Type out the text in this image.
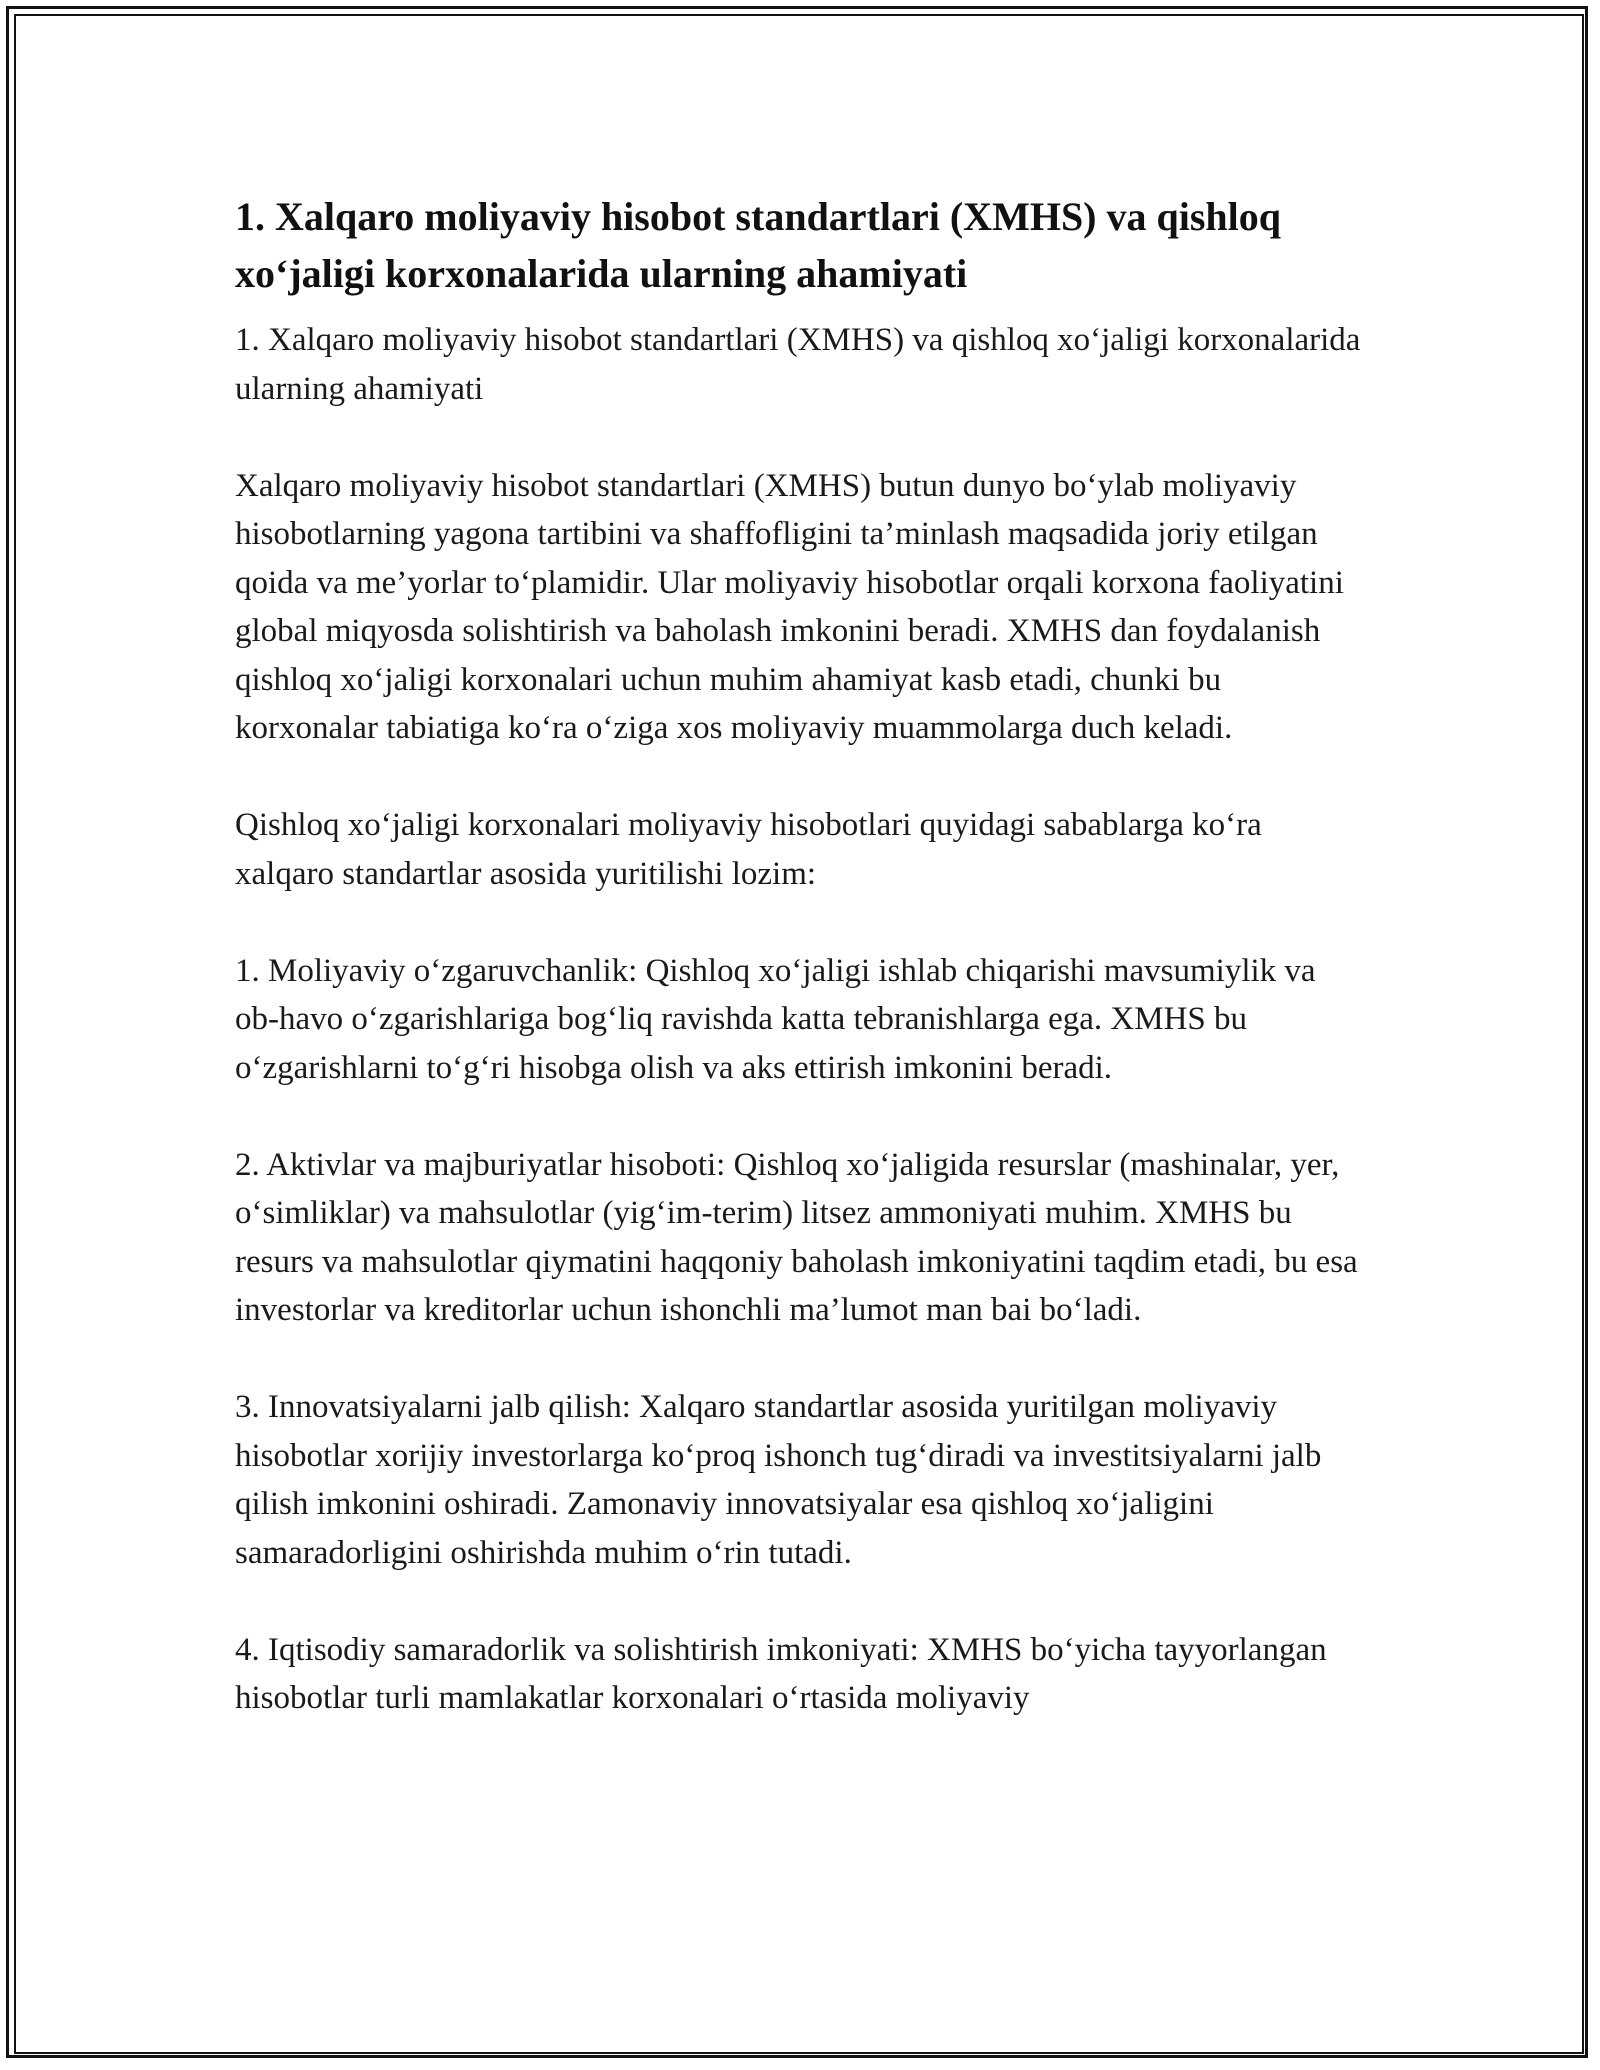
1. Xalqaro moliyaviy hisobot standartlari (XMHS) va qishloq xo‘jaligi korxonalarida ularning ahamiyati

1. Xalqaro moliyaviy hisobot standartlari (XMHS) va qishloq xo‘jaligi korxonalarida ularning ahamiyati

Xalqaro moliyaviy hisobot standartlari (XMHS) butun dunyo bo‘ylab moliyaviy hisobotlarning yagona tartibini va shaffofligini ta’minlash maqsadida joriy etilgan qoida va me’yorlar to‘plamidir. Ular moliyaviy hisobotlar orqali korxona faoliyatini global miqyosda solishtirish va baholash imkonini beradi. XMHS dan foydalanish qishloq xo‘jaligi korxonalari uchun muhim ahamiyat kasb etadi, chunki bu korxonalar tabiatiga ko‘ra o‘ziga xos moliyaviy muammolarga duch keladi.

Qishloq xo‘jaligi korxonalari moliyaviy hisobotlari quyidagi sabablarga ko‘ra xalqaro standartlar asosida yuritilishi lozim:

1. Moliyaviy o‘zgaruvchanlik: Qishloq xo‘jaligi ishlab chiqarishi mavsumiylik va ob-havo o‘zgarishlariga bog‘liq ravishda katta tebranishlarga ega. XMHS bu o‘zgarishlarni to‘g‘ri hisobga olish va aks ettirish imkonini beradi.

2. Aktivlar va majburiyatlar hisoboti: Qishloq xo‘jaligida resurslar (mashinalar, yer, o‘simliklar) va mahsulotlar (yig‘im-terim) litsez ammoniyati muhim. XMHS bu resurs va mahsulotlar qiymatini haqqoniy baholash imkoniyatini taqdim etadi, bu esa investorlar va kreditorlar uchun ishonchli ma’lumot man bai bo‘ladi.

3. Innovatsiyalarni jalb qilish: Xalqaro standartlar asosida yuritilgan moliyaviy hisobotlar xorijiy investorlarga ko‘proq ishonch tug‘diradi va investitsiyalarni jalb qilish imkonini oshiradi. Zamonaviy innovatsiyalar esa qishloq xo‘jaligini samaradorligini oshirishda muhim o‘rin tutadi.

4. Iqtisodiy samaradorlik va solishtirish imkoniyati: XMHS bo‘yicha tayyorlangan hisobotlar turli mamlakatlar korxonalari o‘rtasida moliyaviy
